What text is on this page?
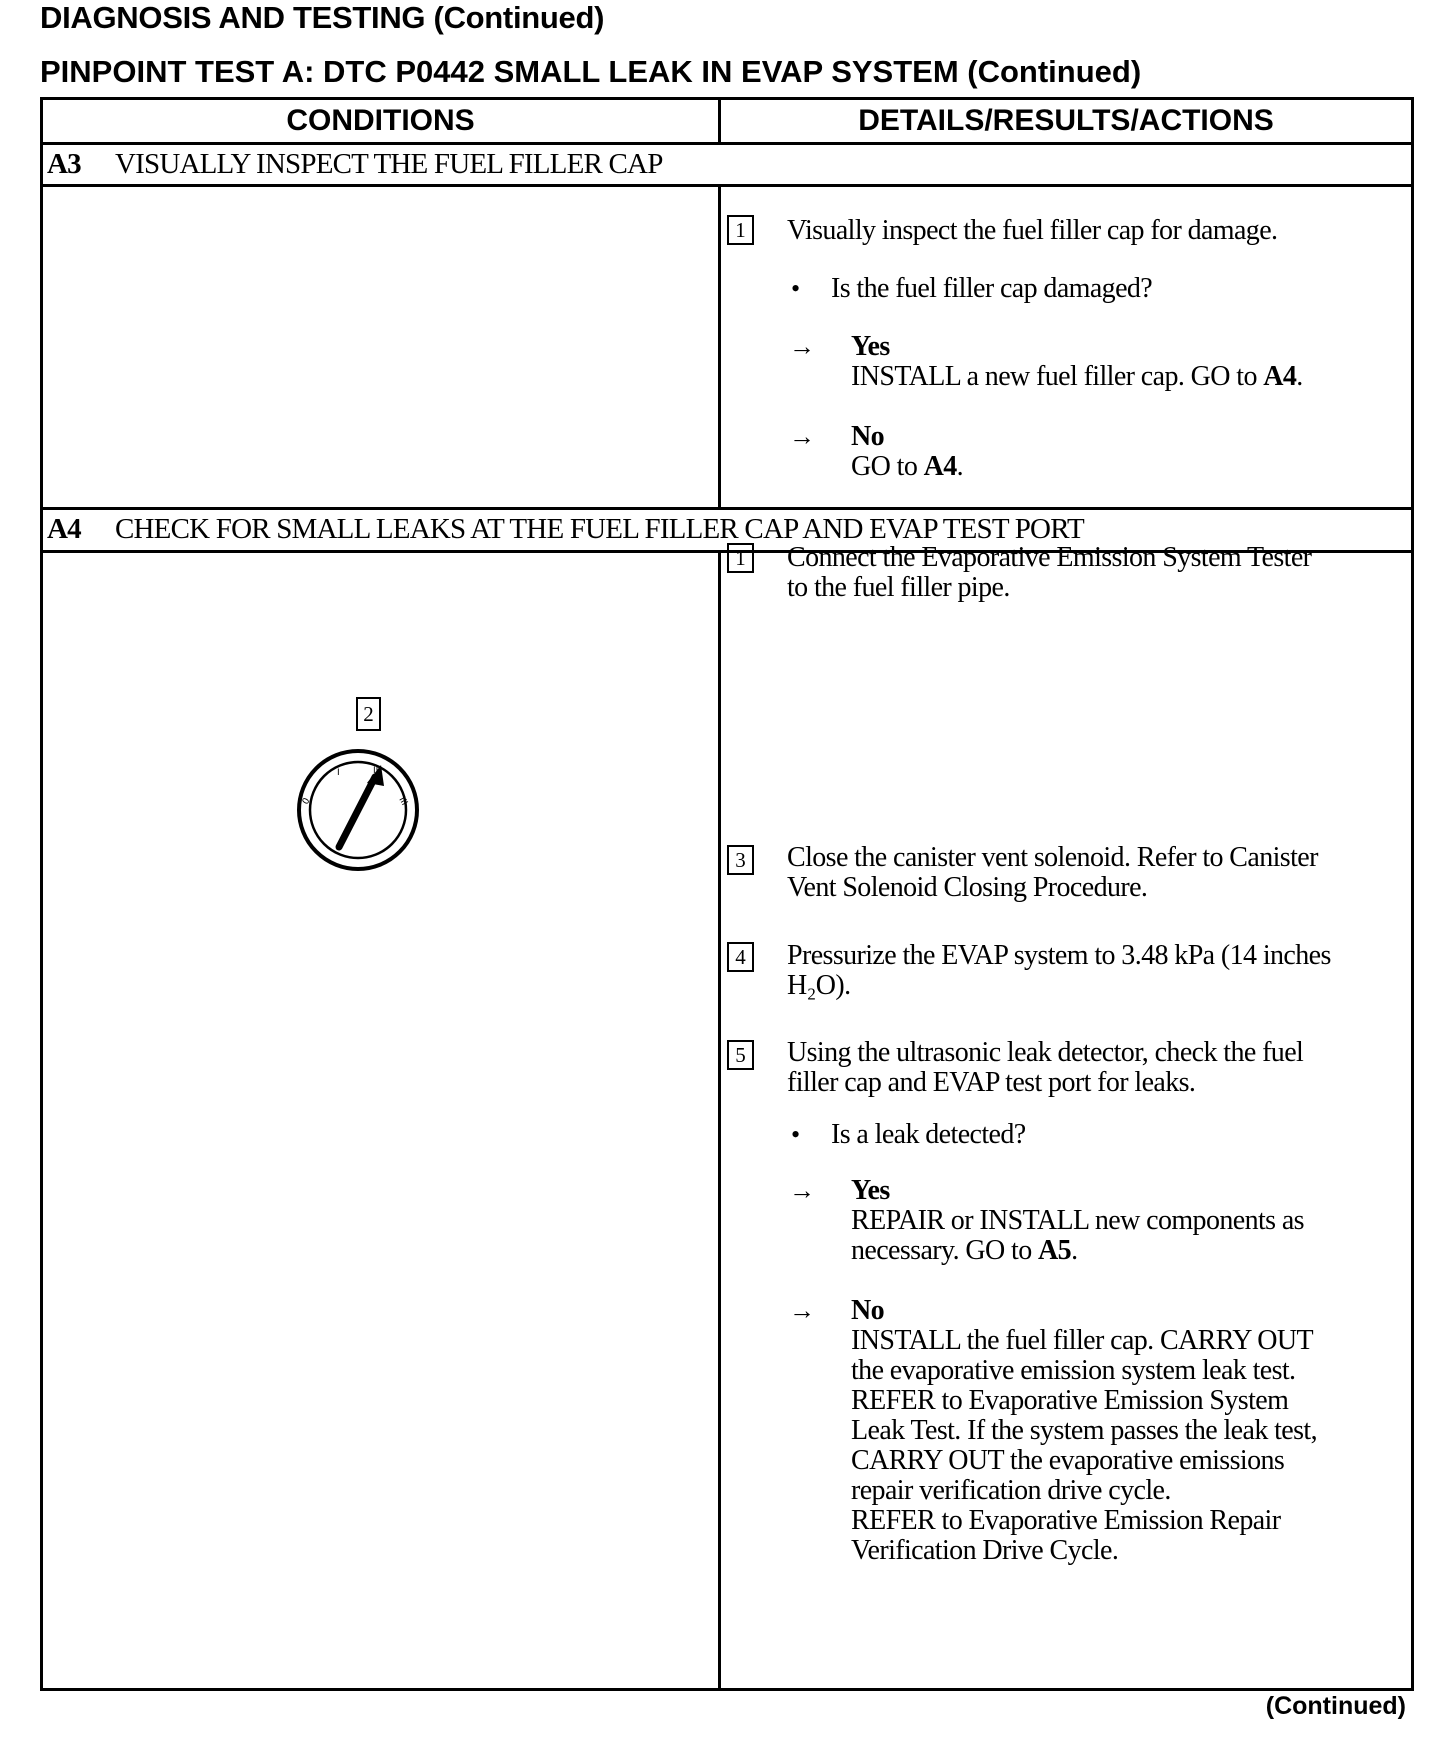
DIAGNOSIS AND TESTING (Continued)
PINPOINT TEST A: DTC P0442 SMALL LEAK IN EVAP SYSTEM (Continued)
CONDITIONS	DETAILS/RESULTS/ACTIONS
A3 VISUALLY INSPECT THE FUEL FILLER CAP
1 Visually inspect the fuel filler cap for damage.
• Is the fuel filler cap damaged?
→ Yes
INSTALL a new fuel filler cap. GO to A4.
→ No
GO to A4.
A4 CHECK FOR SMALL LEAKS AT THE FUEL FILLER CAP AND EVAP TEST PORT
2
0
I	II
III
1 Connect the Evaporative Emission System Tester
to the fuel filler pipe.
3 Close the canister vent solenoid. Refer to Canister
Vent Solenoid Closing Procedure.
4 Pressurize the EVAP system to 3.48 kPa (14 inches
H₂O).
5 Using the ultrasonic leak detector, check the fuel
filler cap and EVAP test port for leaks.
• Is a leak detected?
→ Yes
REPAIR or INSTALL new components as
necessary. GO to A5.
→ No
INSTALL the fuel filler cap. CARRY OUT
the evaporative emission system leak test.
REFER to Evaporative Emission System
Leak Test. If the system passes the leak test,
CARRY OUT the evaporative emissions
repair verification drive cycle.
REFER to Evaporative Emission Repair
Verification Drive Cycle.
(Continued)
